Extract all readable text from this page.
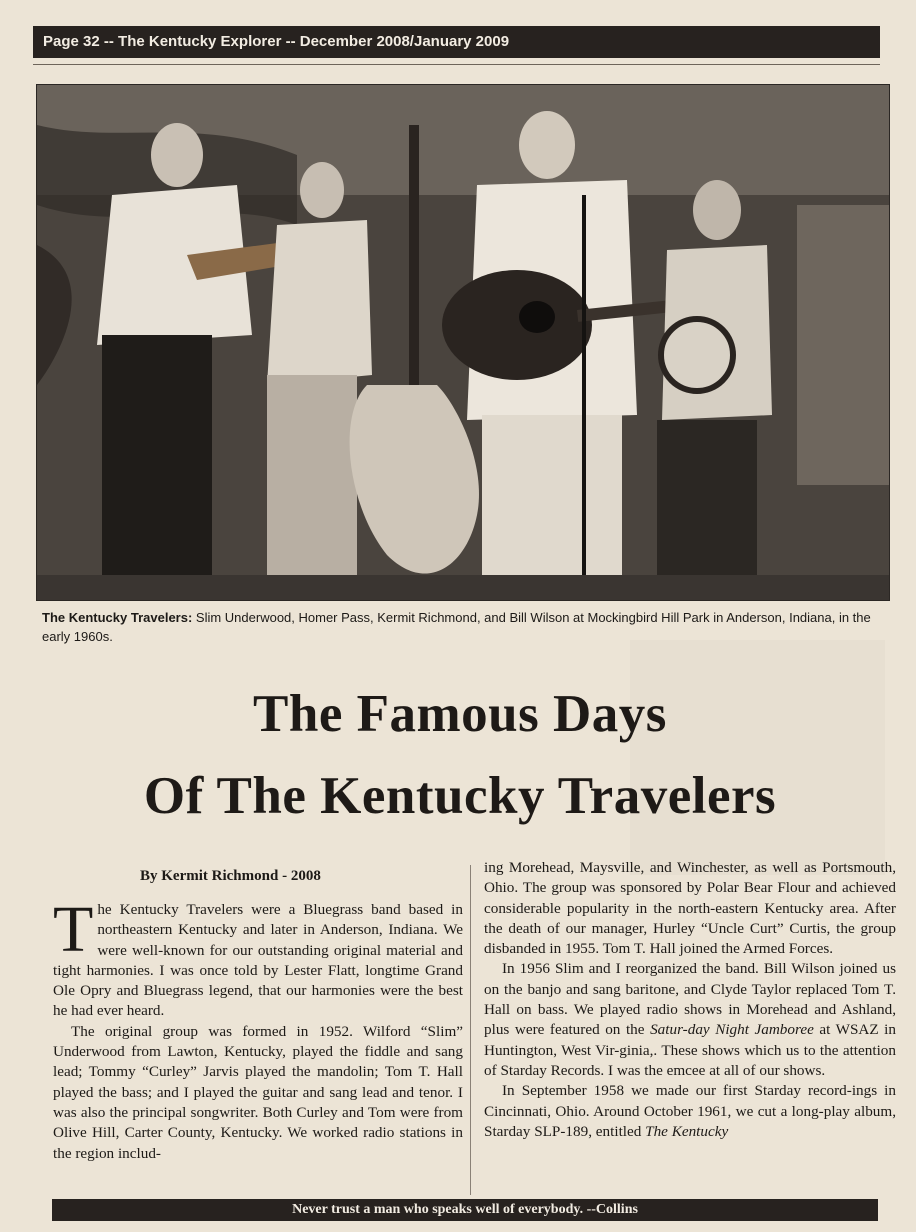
Page 32 -- The Kentucky Explorer -- December 2008/January 2009
The Kentucky Travelers: Slim Underwood, Homer Pass, Kermit Richmond, and Bill Wilson at Mockingbird Hill Park in Anderson, Indiana, in the early 1960s.
The Famous Days
Of The Kentucky Travelers
By Kermit Richmond - 2008

The Kentucky Travelers were a Bluegrass band based in northeastern Kentucky and later in Anderson, Indiana. We were well-known for our outstanding original material and tight harmonies. I was once told by Lester Flatt, longtime Grand Ole Opry and Bluegrass legend, that our harmonies were the best he had ever heard.

The original group was formed in 1952. Wilford “Slim” Underwood from Lawton, Kentucky, played the fiddle and sang lead; Tommy “Curley” Jarvis played the mandolin; Tom T. Hall played the bass; and I played the guitar and sang lead and tenor. I was also the principal songwriter. Both Curley and Tom were from Olive Hill, Carter County, Kentucky. We worked radio stations in the region includ-

ing Morehead, Maysville, and Winchester, as well as Portsmouth, Ohio. The group was sponsored by Polar Bear Flour and achieved considerable popularity in the north-eastern Kentucky area. After the death of our manager, Hurley “Uncle Curt” Curtis, the group disbanded in 1955. Tom T. Hall joined the Armed Forces.

In 1956 Slim and I reorganized the band. Bill Wilson joined us on the banjo and sang baritone, and Clyde Taylor replaced Tom T. Hall on bass. We played radio shows in Morehead and Ashland, plus were featured on the Satur-day Night Jamboree at WSAZ in Huntington, West Vir-ginia,. These shows which us to the attention of Starday Records. I was the emcee at all of our shows.

In September 1958 we made our first Starday record-ings in Cincinnati, Ohio. Around October 1961, we cut a long-play album, Starday SLP-189, entitled The Kentucky

Never trust a man who speaks well of everybody. --Collins
